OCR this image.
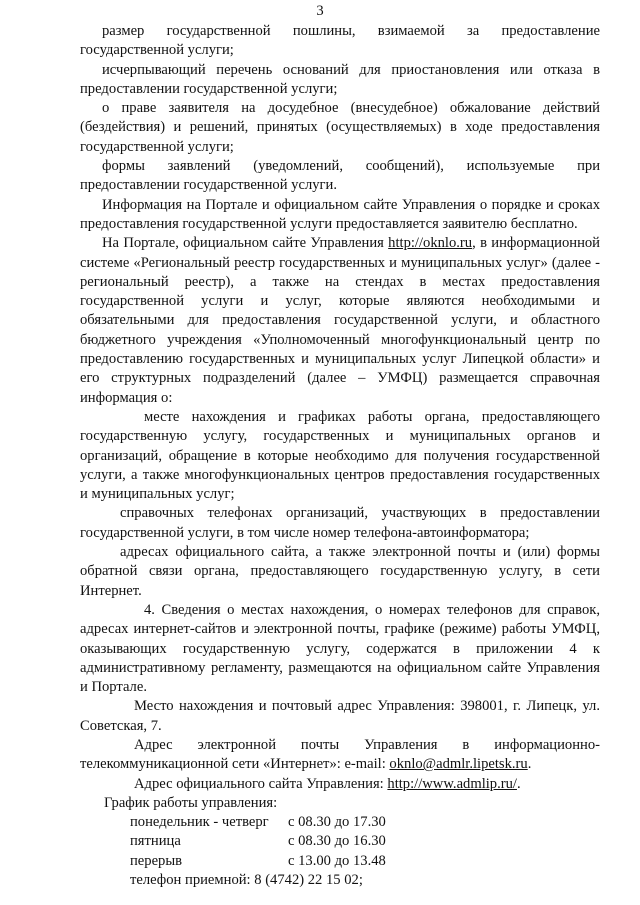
3

размер государственной пошлины, взимаемой за предоставление государственной услуги;

исчерпывающий перечень оснований для приостановления или отказа в предоставлении государственной услуги;

о праве заявителя на досудебное (внесудебное) обжалование действий (бездействия) и решений, принятых (осуществляемых) в ходе предоставления государственной услуги;

формы заявлений (уведомлений, сообщений), используемые при предоставлении государственной услуги.

Информация на Портале и официальном сайте Управления о порядке и сроках предоставления государственной услуги предоставляется заявителю бесплатно.

На Портале, официальном сайте Управления http://oknlo.ru, в информационной системе «Региональный реестр государственных и муниципальных услуг» (далее - региональный реестр), а также на стендах в местах предоставления государственной услуги и услуг, которые являются необходимыми и обязательными для предоставления государственной услуги, и областного бюджетного учреждения «Уполномоченный многофункциональный центр по предоставлению государственных и муниципальных услуг Липецкой области» и его структурных подразделений (далее – УМФЦ) размещается справочная информация о:

месте нахождения и графиках работы органа, предоставляющего государственную услугу, государственных и муниципальных органов и организаций, обращение в которые необходимо для получения государственной услуги, а также многофункциональных центров предоставления государственных и муниципальных услуг;

справочных телефонах организаций, участвующих в предоставлении государственной услуги, в том числе номер телефона-автоинформатора;

адресах официального сайта, а также электронной почты и (или) формы обратной связи органа, предоставляющего государственную услугу, в сети Интернет.

4. Сведения о местах нахождения, о номерах телефонов для справок, адресах интернет-сайтов и электронной почты, графике (режиме) работы УМФЦ, оказывающих государственную услугу, содержатся в приложении 4 к административному регламенту, размещаются на официальном сайте Управления и Портале.

Место нахождения и почтовый адрес Управления: 398001, г. Липецк, ул. Советская, 7.

Адрес электронной почты Управления в информационно-телекоммуникационной сети «Интернет»: e-mail: oknlo@admlr.lipetsk.ru.

Адрес официального сайта Управления: http://www.admlip.ru/.

График работы управления:
понедельник - четверг с 08.30 до 17.30
пятница	с 08.30 до 16.30
перерыв	с 13.00 до 13.48
телефон приемной: 8 (4742) 22 15 02;
